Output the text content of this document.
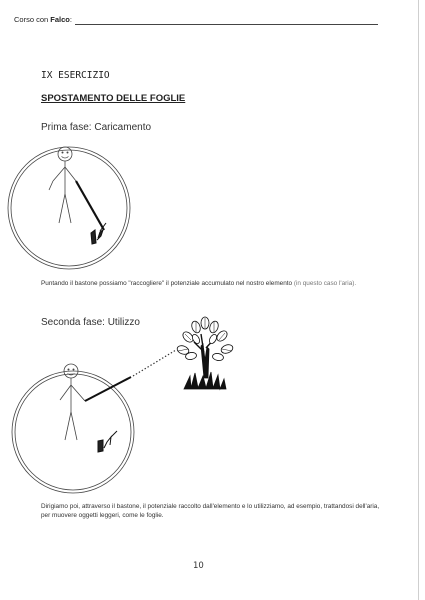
Corso con Falco:
IX ESERCIZIO
SPOSTAMENTO DELLE FOGLIE
Prima fase: Caricamento
Puntando il bastone possiamo "raccogliere" il potenziale accumulato nel nostro elemento (in questo caso l'aria).
Seconda fase: Utilizzo
Dirigiamo poi, attraverso il bastone, il potenziale raccolto dall'elemento e lo utilizziamo, ad esempio, trattandosi dell'aria, per muovere oggetti leggeri, come le foglie.
10
